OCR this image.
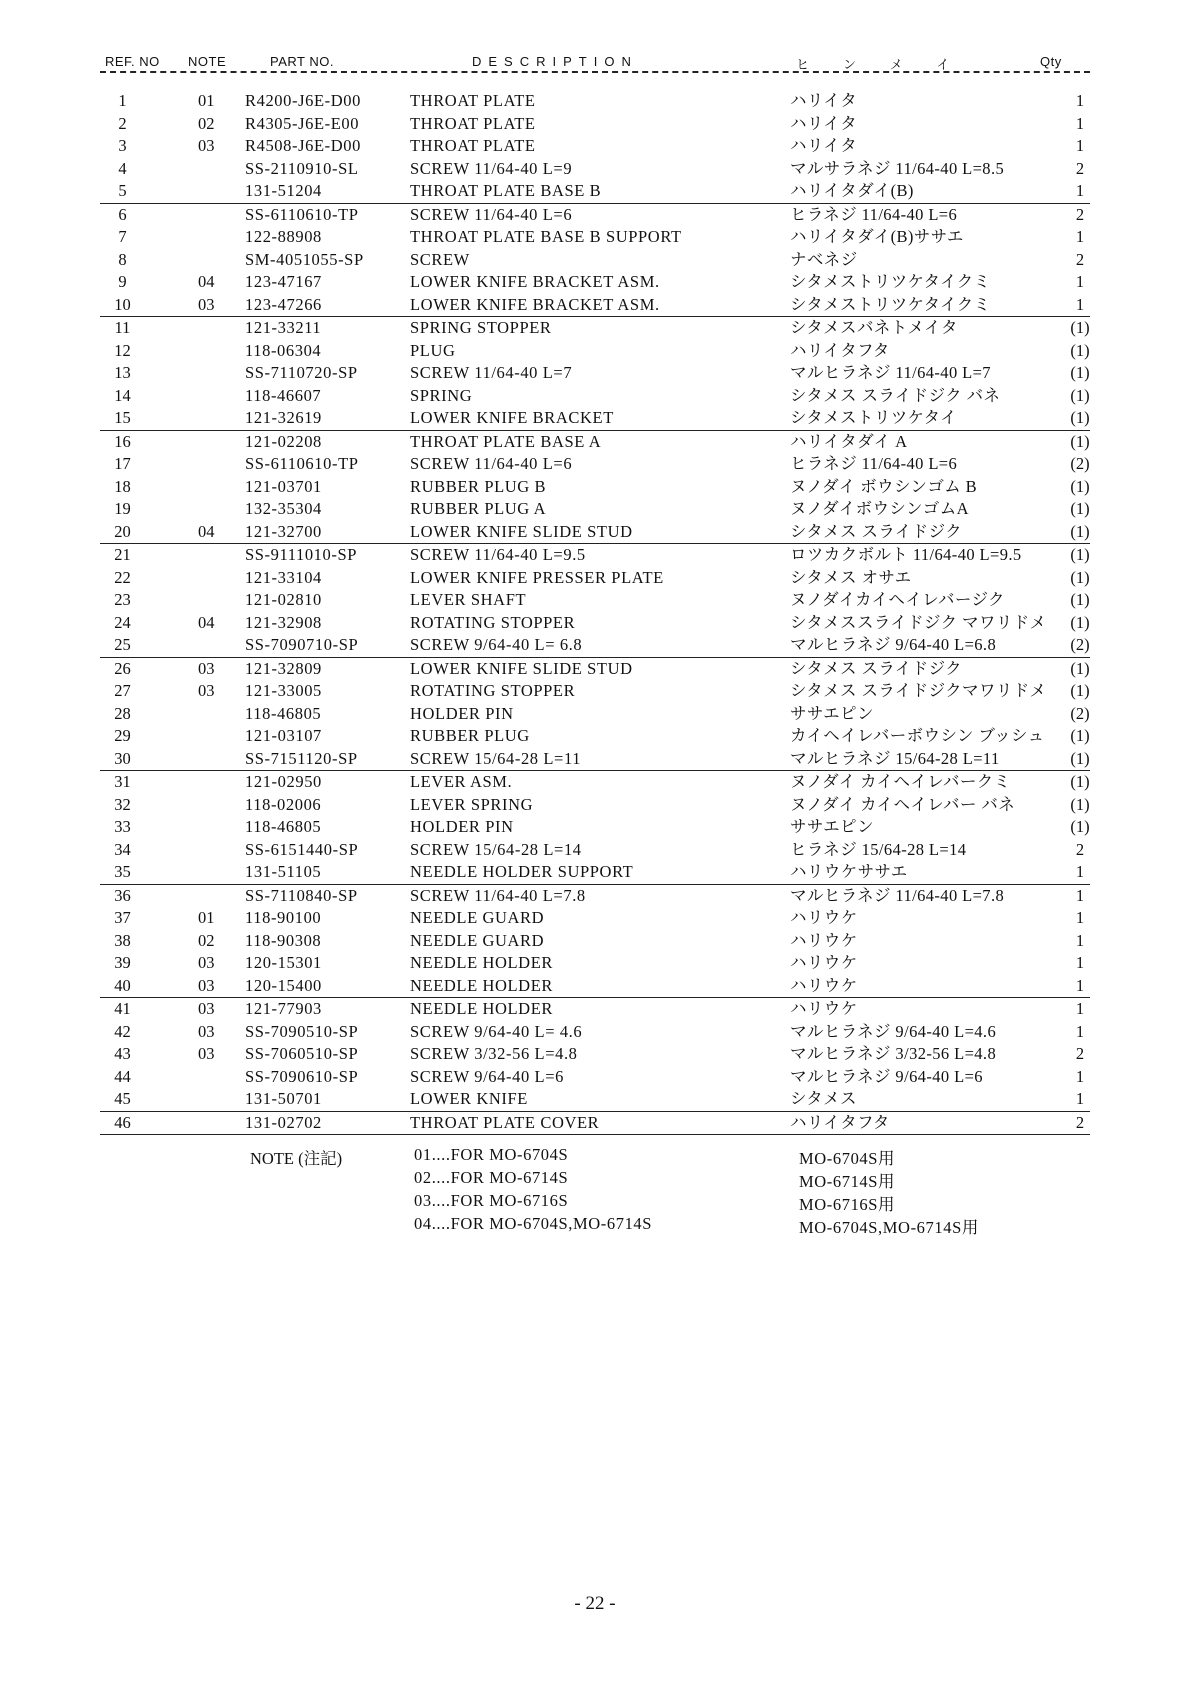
REF. NO NOTE	PART NO.	DESCRIPTION	ヒンメイ	Qty
1	01 R4200-J6E-D00	THROAT PLATE	ハリイタ	1
2	02 R4305-J6E-E00	THROAT PLATE	ハリイタ	1
3	03 R4508-J6E-D00	THROAT PLATE	ハリイタ	1
4	SS-2110910-SL	SCREW 11/64-40 L=9	マルサラネジ 11/64-40 L=8.5	2
5	131-51204	THROAT PLATE BASE B	ハリイタダイ(B)	1
6	SS-6110610-TP	SCREW 11/64-40 L=6	ヒラネジ 11/64-40 L=6	2
7	122-88908	THROAT PLATE BASE B SUPPORT	ハリイタダイ(B)ササエ	1
8	SM-4051055-SP	SCREW	ナベネジ	2
9	04 123-47167	LOWER KNIFE BRACKET ASM.	シタメストリツケタイクミ	1
10	03 123-47266	LOWER KNIFE BRACKET ASM.	シタメストリツケタイクミ	1
11	121-33211	SPRING STOPPER	シタメスバネトメイタ	(1)
12	118-06304	PLUG	ハリイタフタ	(1)
13	SS-7110720-SP	SCREW 11/64-40 L=7	マルヒラネジ 11/64-40 L=7	(1)
14	118-46607	SPRING	シタメス スライドジク バネ	(1)
15	121-32619	LOWER KNIFE BRACKET	シタメストリツケタイ	(1)
16	121-02208	THROAT PLATE BASE A	ハリイタダイ A	(1)
17	SS-6110610-TP	SCREW 11/64-40 L=6	ヒラネジ 11/64-40 L=6	(2)
18	121-03701	RUBBER PLUG B	ヌノダイ ボウシンゴム B	(1)
19	132-35304	RUBBER PLUG A	ヌノダイボウシンゴムA	(1)
20	04 121-32700	LOWER KNIFE SLIDE STUD	シタメス スライドジク	(1)
21	SS-9111010-SP	SCREW 11/64-40 L=9.5	ロツカクボルト 11/64-40 L=9.5	(1)
22	121-33104	LOWER KNIFE PRESSER PLATE	シタメス オサエ	(1)
23	121-02810	LEVER SHAFT	ヌノダイカイヘイレバージク	(1)
24	04 121-32908	ROTATING STOPPER	シタメススライドジク マワリドメ	(1)
25	SS-7090710-SP	SCREW 9/64-40 L= 6.8	マルヒラネジ 9/64-40 L=6.8	(2)
26	03 121-32809	LOWER KNIFE SLIDE STUD	シタメス スライドジク	(1)
27	03 121-33005	ROTATING STOPPER	シタメス スライドジクマワリドメ	(1)
28	118-46805	HOLDER PIN	ササエピン	(2)
29	121-03107	RUBBER PLUG	カイヘイレバーボウシン ブッシュ	(1)
30	SS-7151120-SP	SCREW 15/64-28 L=11	マルヒラネジ 15/64-28 L=11	(1)
31	121-02950	LEVER ASM.	ヌノダイ カイヘイレバークミ	(1)
32	118-02006	LEVER SPRING	ヌノダイ カイヘイレバー バネ	(1)
33	118-46805	HOLDER PIN	ササエピン	(1)
34	SS-6151440-SP	SCREW 15/64-28 L=14	ヒラネジ 15/64-28 L=14	2
35	131-51105	NEEDLE HOLDER SUPPORT	ハリウケササエ	1
36	SS-7110840-SP	SCREW 11/64-40 L=7.8	マルヒラネジ 11/64-40 L=7.8	1
37	01 118-90100	NEEDLE GUARD	ハリウケ	1
38	02 118-90308	NEEDLE GUARD	ハリウケ	1
39	03 120-15301	NEEDLE HOLDER	ハリウケ	1
40	03 120-15400	NEEDLE HOLDER	ハリウケ	1
41	03 121-77903	NEEDLE HOLDER	ハリウケ	1
42	03 SS-7090510-SP	SCREW 9/64-40 L= 4.6	マルヒラネジ 9/64-40 L=4.6	1
43	03 SS-7060510-SP	SCREW 3/32-56 L=4.8	マルヒラネジ 3/32-56 L=4.8	2
44	SS-7090610-SP	SCREW 9/64-40 L=6	マルヒラネジ 9/64-40 L=6	1
45	131-50701	LOWER KNIFE	シタメス	1
46	131-02702	THROAT PLATE COVER	ハリイタフタ	2
NOTE (注記)	01....FOR MO-6704S	MO-6704S用
02....FOR MO-6714S	MO-6714S用
03....FOR MO-6716S	MO-6716S用
04....FOR MO-6704S,MO-6714S	MO-6704S,MO-6714S用
- 22 -
